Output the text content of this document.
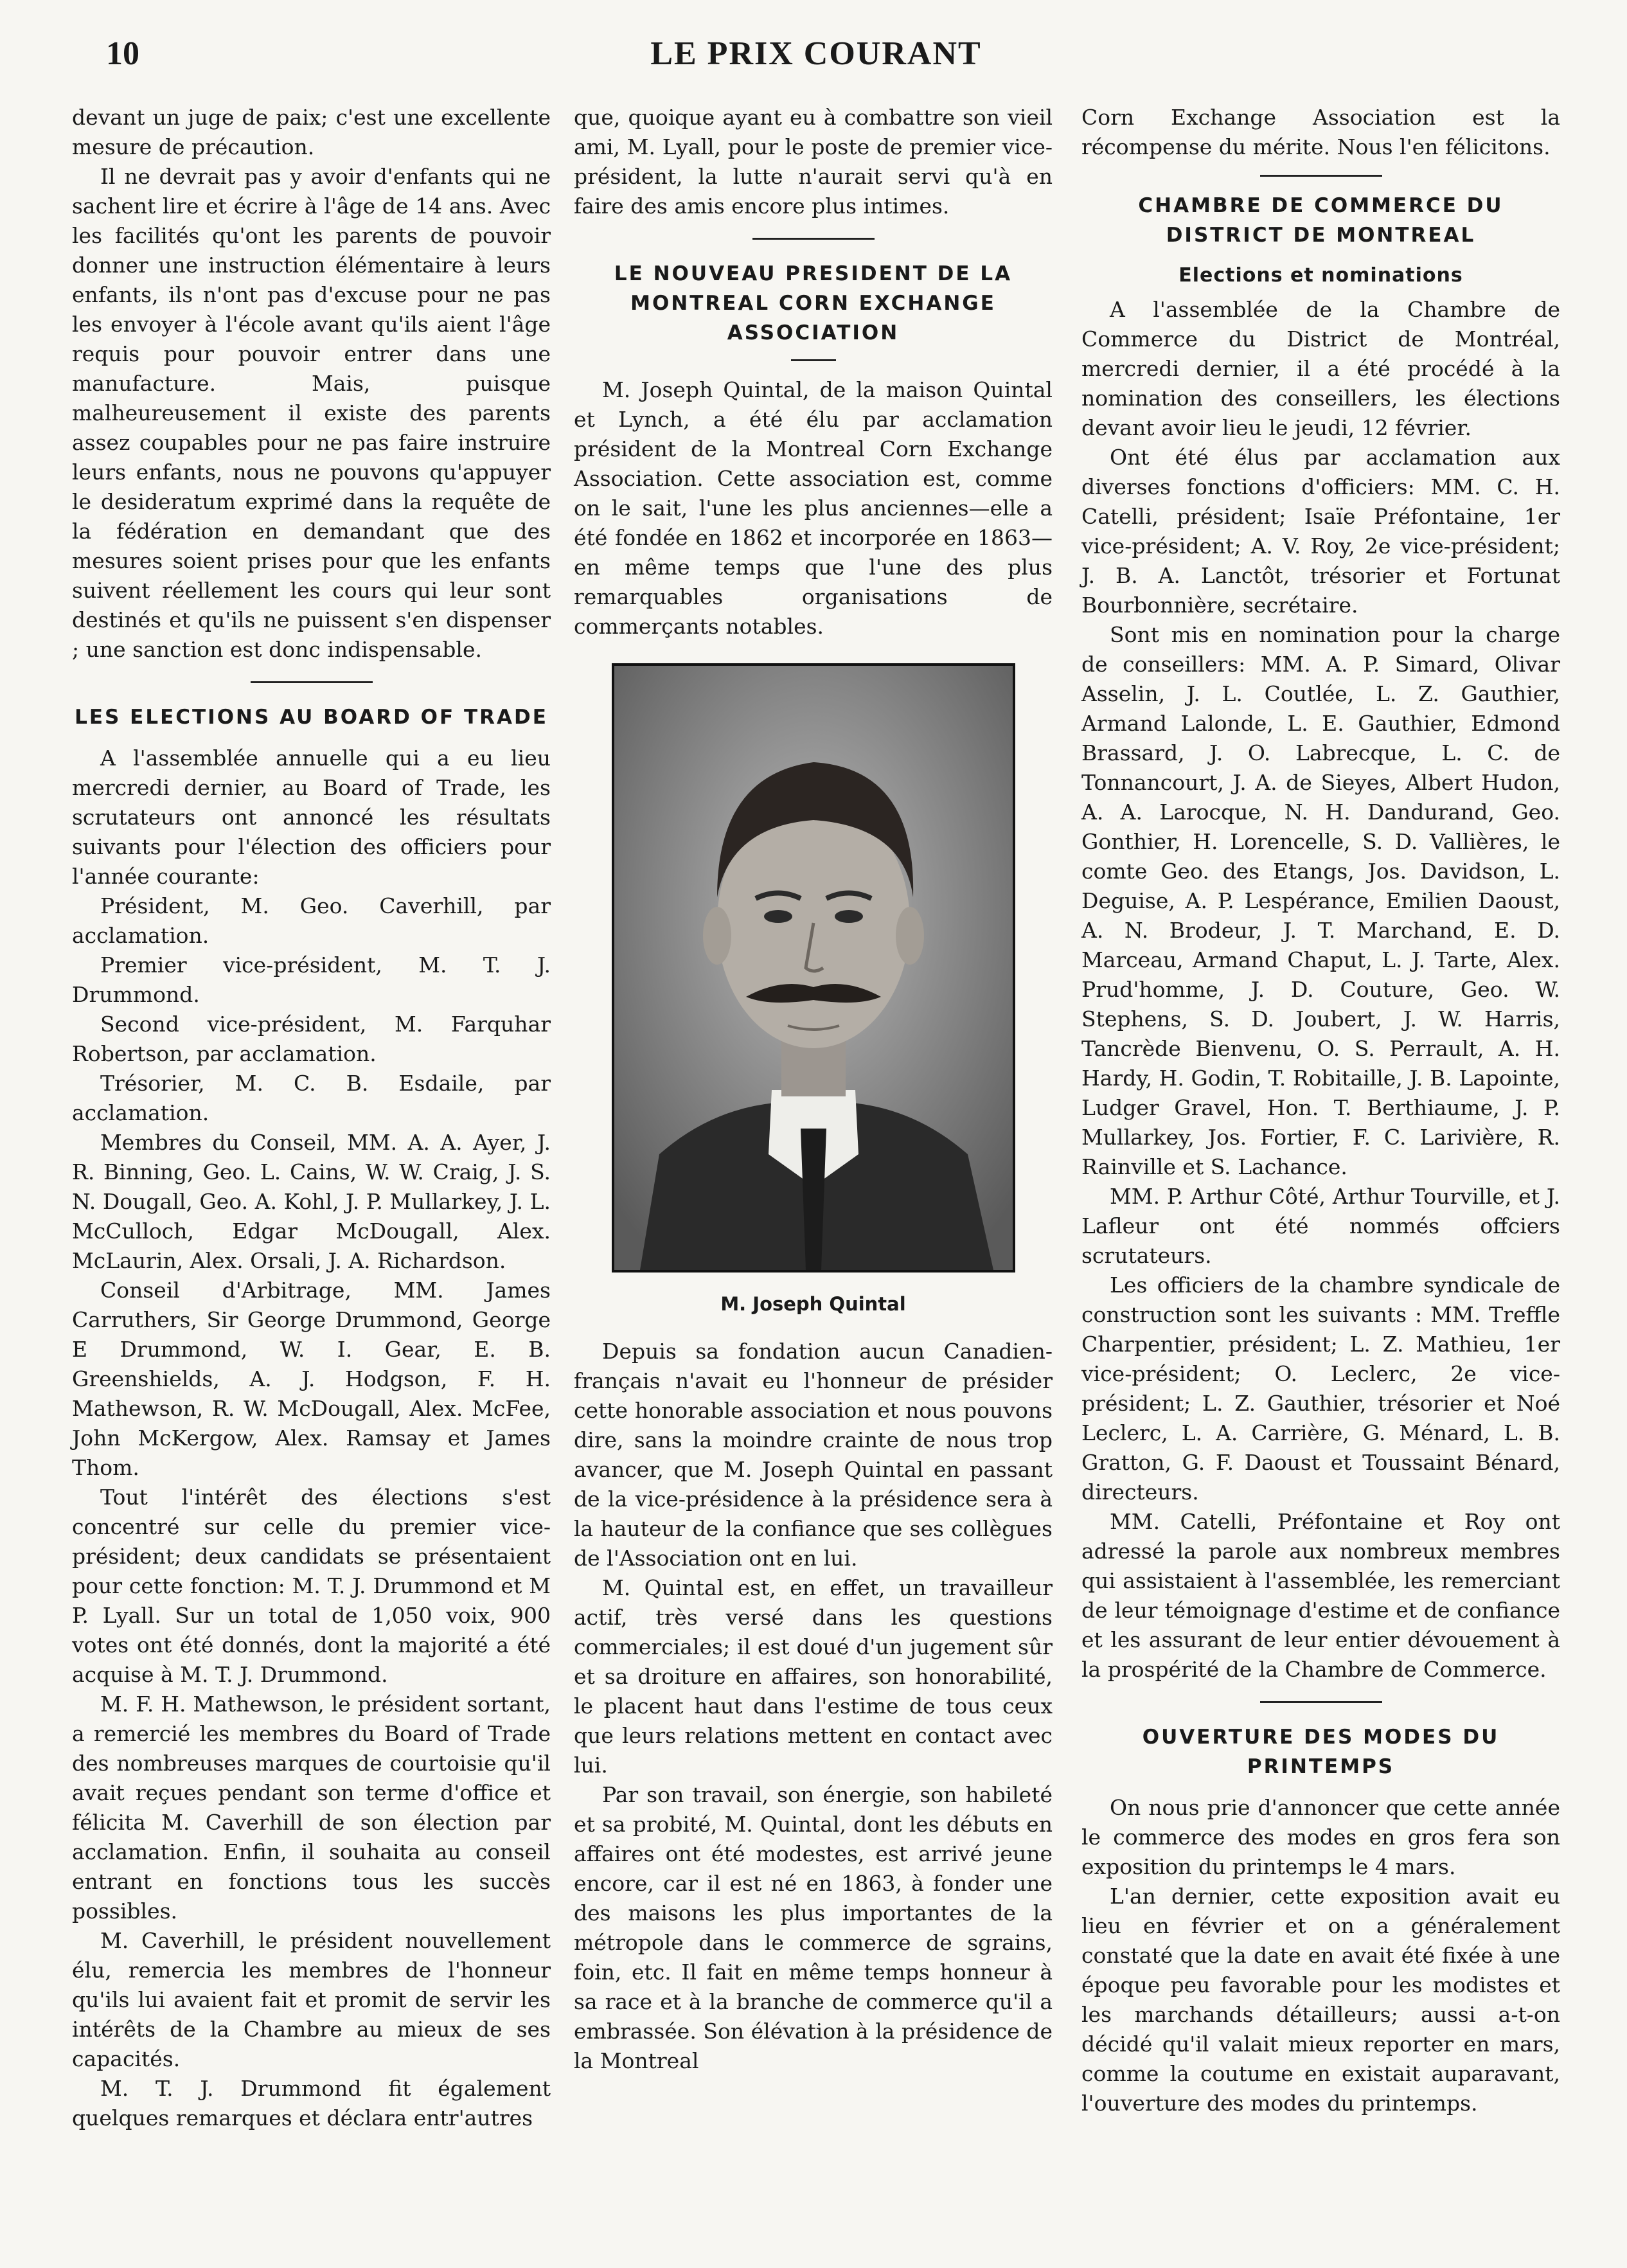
10	LE PRIX COURANT

devant un juge de paix; c'est une excellente mesure de précaution.

Il ne devrait pas y avoir d'enfants qui ne sachent lire et écrire à l'âge de 14 ans. Avec les facilités qu'ont les parents de pouvoir donner une instruction élémentaire à leurs enfants, ils n'ont pas d'excuse pour ne pas les envoyer à l'école avant qu'ils aient l'âge requis pour pouvoir entrer dans une manufacture. Mais, puisque malheureusement il existe des parents assez coupables pour ne pas faire instruire leurs enfants, nous ne pouvons qu'appuyer le desideratum exprimé dans la requête de la fédération en demandant que des mesures soient prises pour que les enfants suivent réellement les cours qui leur sont destinés et qu'ils ne puissent s'en dispenser ; une sanction est donc indispensable.

LES ELECTIONS AU BOARD OF TRADE

A l'assemblée annuelle qui a eu lieu mercredi dernier, au Board of Trade, les scrutateurs ont annoncé les résultats suivants pour l'élection des officiers pour l'année courante:

Président, M. Geo. Caverhill, par acclamation.

Premier vice-président, M. T. J. Drummond.

Second vice-président, M. Farquhar Robertson, par acclamation.

Trésorier, M. C. B. Esdaile, par acclamation.

Membres du Conseil, MM. A. A. Ayer, J. R. Binning, Geo. L. Cains, W. W. Craig, J. S. N. Dougall, Geo. A. Kohl, J. P. Mullarkey, J. L. McCulloch, Edgar McDougall, Alex. McLaurin, Alex. Orsali, J. A. Richardson.

Conseil d'Arbitrage, MM. James Carruthers, Sir George Drummond, George E Drummond, W. I. Gear, E. B. Greenshields, A. J. Hodgson, F. H. Mathewson, R. W. McDougall, Alex. McFee, John McKergow, Alex. Ramsay et James Thom.

Tout l'intérêt des élections s'est concentré sur celle du premier vice-président; deux candidats se présentaient pour cette fonction: M. T. J. Drummond et M P. Lyall. Sur un total de 1,050 voix, 900 votes ont été donnés, dont la majorité a été acquise à M. T. J. Drummond.

M. F. H. Mathewson, le président sortant, a remercié les membres du Board of Trade des nombreuses marques de courtoisie qu'il avait reçues pendant son terme d'office et félicita M. Caverhill de son élection par acclamation. Enfin, il souhaita au conseil entrant en fonctions tous les succès possibles.

M. Caverhill, le président nouvellement élu, remercia les membres de l'honneur qu'ils lui avaient fait et promit de servir les intérêts de la Chambre au mieux de ses capacités.

M. T. J. Drummond fit également quelques remarques et déclara entr'autres

que, quoique ayant eu à combattre son vieil ami, M. Lyall, pour le poste de premier vice-président, la lutte n'aurait servi qu'à en faire des amis encore plus intimes.

LE NOUVEAU PRESIDENT DE LA MONTREAL CORN EXCHANGE ASSOCIATION

M. Joseph Quintal, de la maison Quintal et Lynch, a été élu par acclamation président de la Montreal Corn Exchange Association. Cette association est, comme on le sait, l'une les plus anciennes—elle a été fondée en 1862 et incorporée en 1863—en même temps que l'une des plus remarquables organisations de commerçants notables.

M. Joseph Quintal

Depuis sa fondation aucun Canadien-français n'avait eu l'honneur de présider cette honorable association et nous pouvons dire, sans la moindre crainte de nous trop avancer, que M. Joseph Quintal en passant de la vice-présidence à la présidence sera à la hauteur de la confiance que ses collègues de l'Association ont en lui.

M. Quintal est, en effet, un travailleur actif, très versé dans les questions commerciales; il est doué d'un jugement sûr et sa droiture en affaires, son honorabilité, le placent haut dans l'estime de tous ceux que leurs relations mettent en contact avec lui.

Par son travail, son énergie, son habileté et sa probité, M. Quintal, dont les débuts en affaires ont été modestes, est arrivé jeune encore, car il est né en 1863, à fonder une des maisons les plus importantes de la métropole dans le commerce de sgrains, foin, etc. Il fait en même temps honneur à sa race et à la branche de commerce qu'il a embrassée. Son élévation à la présidence de la Montreal

Corn Exchange Association est la récompense du mérite. Nous l'en félicitons.

CHAMBRE DE COMMERCE DU DISTRICT DE MONTREAL
Elections et nominations

A l'assemblée de la Chambre de Commerce du District de Montréal, mercredi dernier, il a été procédé à la nomination des conseillers, les élections devant avoir lieu le jeudi, 12 février.

Ont été élus par acclamation aux diverses fonctions d'officiers: MM. C. H. Catelli, président; Isaïe Préfontaine, 1er vice-président; A. V. Roy, 2e vice-président; J. B. A. Lanctôt, trésorier et Fortunat Bourbonnière, secrétaire.

Sont mis en nomination pour la charge de conseillers: MM. A. P. Simard, Olivar Asselin, J. L. Coutlée, L. Z. Gauthier, Armand Lalonde, L. E. Gauthier, Edmond Brassard, J. O. Labrecque, L. C. de Tonnancourt, J. A. de Sieyes, Albert Hudon, A. A. Larocque, N. H. Dandurand, Geo. Gonthier, H. Lorencelle, S. D. Vallières, le comte Geo. des Etangs, Jos. Davidson, L. Deguise, A. P. Lespérance, Emilien Daoust, A. N. Brodeur, J. T. Marchand, E. D. Marceau, Armand Chaput, L. J. Tarte, Alex. Prud'homme, J. D. Couture, Geo. W. Stephens, S. D. Joubert, J. W. Harris, Tancrède Bienvenu, O. S. Perrault, A. H. Hardy, H. Godin, T. Robitaille, J. B. Lapointe, Ludger Gravel, Hon. T. Berthiaume, J. P. Mullarkey, Jos. Fortier, F. C. Larivière, R. Rainville et S. Lachance.

MM. P. Arthur Côté, Arthur Tourville, et J. Lafleur ont été nommés offciers scrutateurs.

Les officiers de la chambre syndicale de construction sont les suivants : MM. Treffle Charpentier, président; L. Z. Mathieu, 1er vice-président; O. Leclerc, 2e vice-président; L. Z. Gauthier, trésorier et Noé Leclerc, L. A. Carrière, G. Ménard, L. B. Gratton, G. F. Daoust et Toussaint Bénard, directeurs.

MM. Catelli, Préfontaine et Roy ont adressé la parole aux nombreux membres qui assistaient à l'assemblée, les remerciant de leur témoignage d'estime et de confiance et les assurant de leur entier dévouement à la prospérité de la Chambre de Commerce.

OUVERTURE DES MODES DU PRINTEMPS

On nous prie d'annoncer que cette année le commerce des modes en gros fera son exposition du printemps le 4 mars.

L'an dernier, cette exposition avait eu lieu en février et on a généralement constaté que la date en avait été fixée à une époque peu favorable pour les modistes et les marchands détailleurs; aussi a-t-on décidé qu'il valait mieux reporter en mars, comme la coutume en existait auparavant, l'ouverture des modes du printemps.
